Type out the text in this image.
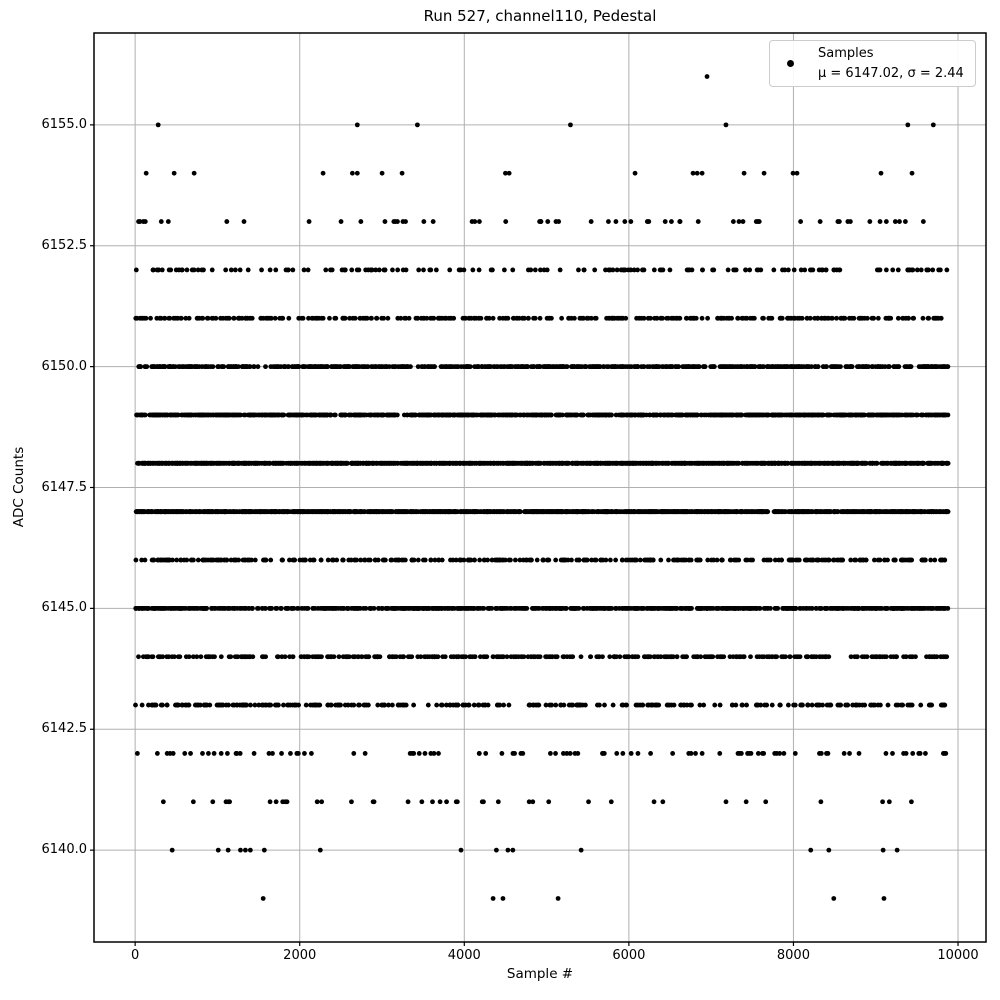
Run 527, channel110, Pedestal
Sample #
ADC Counts
0	2000	4000	6000	8000	10000
6140.0
6142.5
6145.0
6147.5
6150.0
6152.5
6155.0
Samples
μ = 6147.02, σ = 2.44
